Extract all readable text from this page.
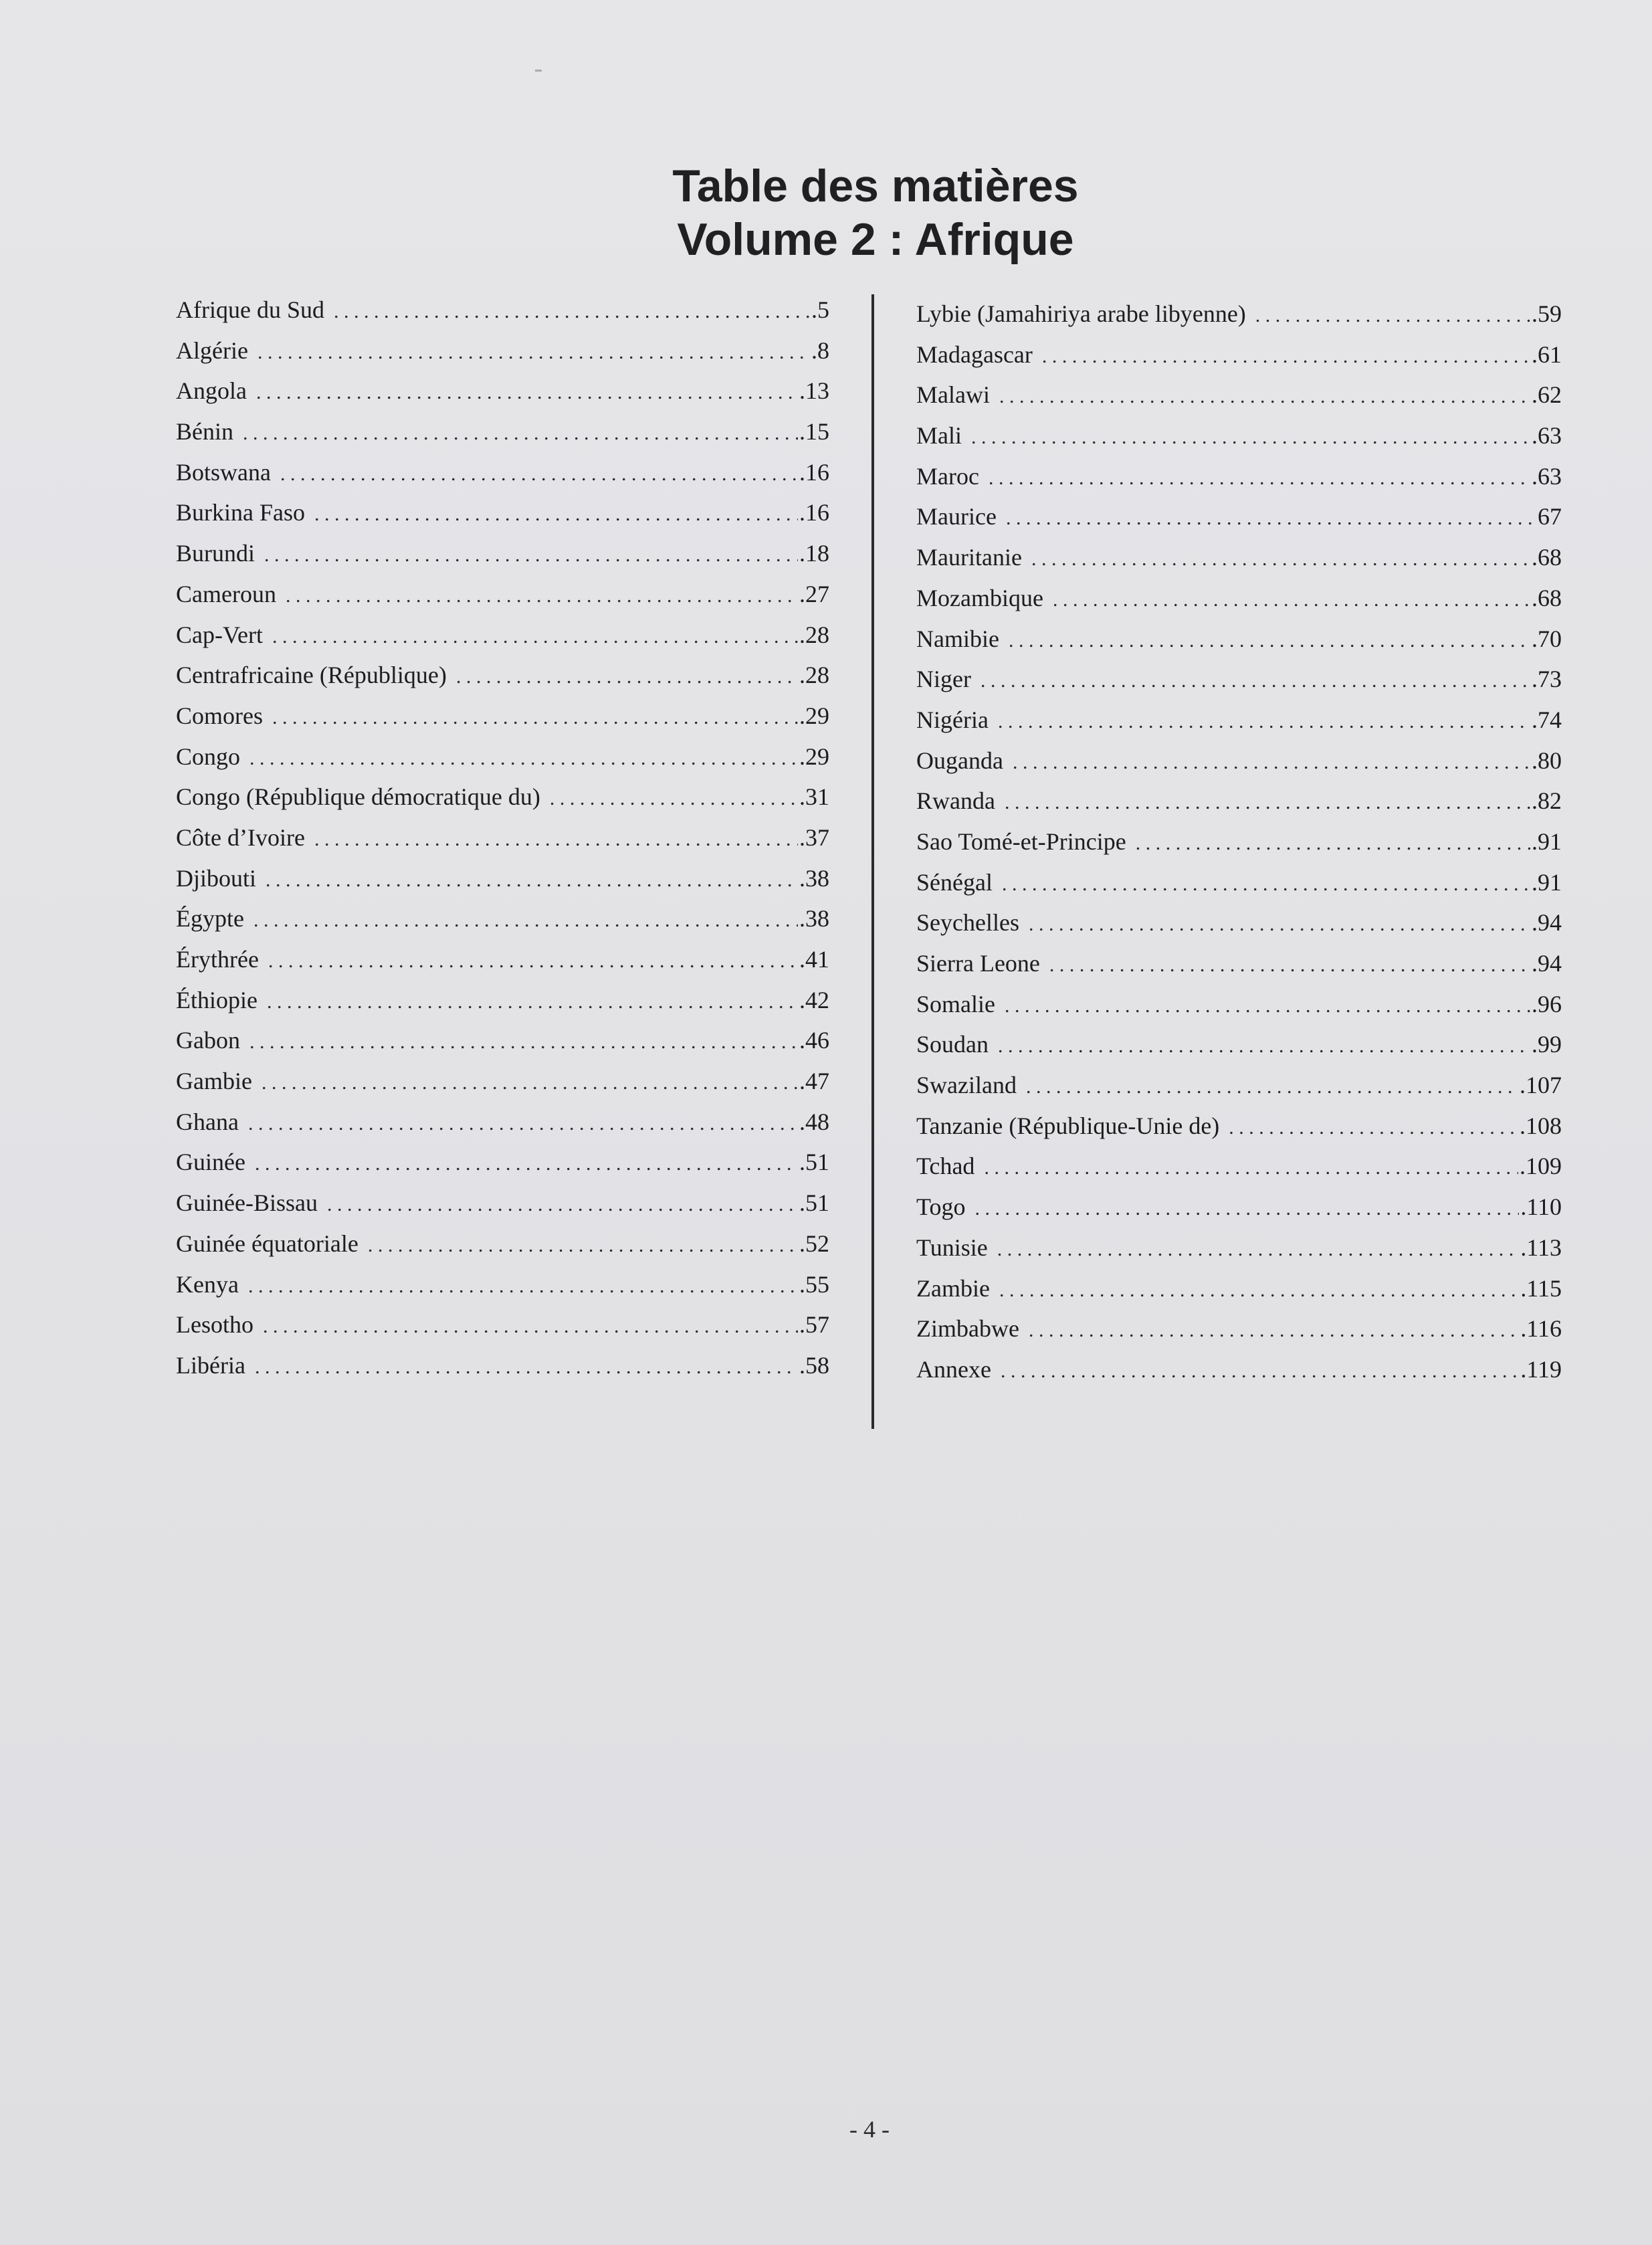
Table des matières
Volume 2 : Afrique
Afrique du Sud . . .	.5
Algérie . . .	.8
Angola . . .	.13
Bénin . . .	.15
Botswana . . .	.16
Burkina Faso . . .	.16
Burundi . . .	.18
Cameroun . . .	.27
Cap-Vert . . .	.28
Centrafricaine (République) . . .	.28
Comores . . .	.29
Congo . . .	.29
Congo (République démocratique du) . . .	.31
Côte d’Ivoire . . .	.37
Djibouti . . .	.38
Égypte . . .	.38
Érythrée . . .	.41
Éthiopie . . .	.42
Gabon . . .	.46
Gambie . . .	.47
Ghana . . .	.48
Guinée . . .	.51
Guinée-Bissau . . .	.51
Guinée équatoriale . . .	.52
Kenya . . .	.55
Lesotho . . .	.57
Libéria . . .	.58
Lybie (Jamahiriya arabe libyenne) . . .	.59
Madagascar . . .	.61
Malawi . . .	.62
Mali . . .	.63
Maroc . . .	.63
Maurice . . .	67
Mauritanie . . .	.68
Mozambique . . .	.68
Namibie . . .	.70
Niger . . .	.73
Nigéria . . .	.74
Ouganda . . .	.80
Rwanda . . .	.82
Sao Tomé-et-Principe . . .	.91
Sénégal . . .	.91
Seychelles . . .	.94
Sierra Leone . . .	.94
Somalie . . .	.96
Soudan . . .	.99
Swaziland . . .	.107
Tanzanie (République-Unie de) . . .	.108
Tchad . . .	.109
Togo . . .	.110
Tunisie . . .	.113
Zambie . . .	.115
Zimbabwe . . .	.116
Annexe . . .	.119
- 4 -
